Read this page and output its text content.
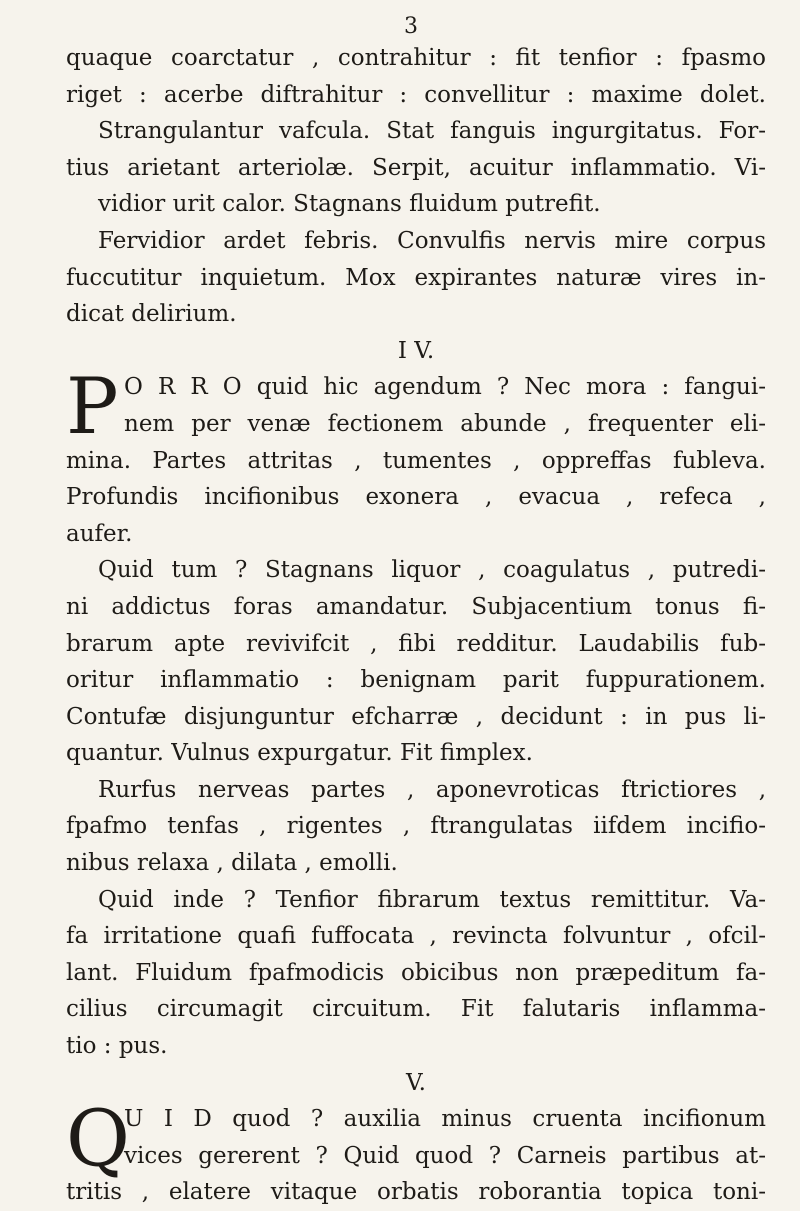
3
quaque coarctatur , contrahitur : fit tenfior : fpasmo
riget : acerbe diftrahitur : convellitur : maxime dolet.
Strangulantur vafcula. Stat fanguis ingurgitatus. For-
tius arietant arteriolæ. Serpit, acuitur inflammatio. Vi-
vidior urit calor. Stagnans fluidum putrefit.
Fervidior ardet febris. Convulfis nervis mire corpus
fuccutitur inquietum. Mox expirantes naturæ vires in-
dicat delirium.
I V.
P O R R O quid hic agendum ? Nec mora : fangui-
nem per venæ fectionem abunde , frequenter eli-
mina. Partes attritas , tumentes , oppreffas fubleva.
Profundis incifionibus exonera , evacua , refeca ,
aufer.
Quid tum ? Stagnans liquor , coagulatus , putredi-
ni addictus foras amandatur. Subjacentium tonus fi-
brarum apte revivifcit , fibi redditur. Laudabilis fub-
oritur inflammatio : benignam parit fuppurationem.
Contufæ disjunguntur efcharræ , decidunt : in pus li-
quantur. Vulnus expurgatur. Fit fimplex.
Rurfus nerveas partes , aponevroticas ftrictiores ,
fpafmo tenfas , rigentes , ftrangulatas iifdem incifio-
nibus relaxa , dilata , emolli.
Quid inde ? Tenfior fibrarum textus remittitur. Va-
fa irritatione quafi fuffocata , revincta folvuntur , ofcil-
lant. Fluidum fpafmodicis obicibus non præpeditum fa-
cilius circumagit circuitum. Fit falutaris inflamma-
tio : pus.
V.
Q
U I D quod ? auxilia minus cruenta incifionum
vices gererent ? Quid quod ? Carneis partibus at-
tritis , elatere vitaque orbatis roborantia topica toni-
